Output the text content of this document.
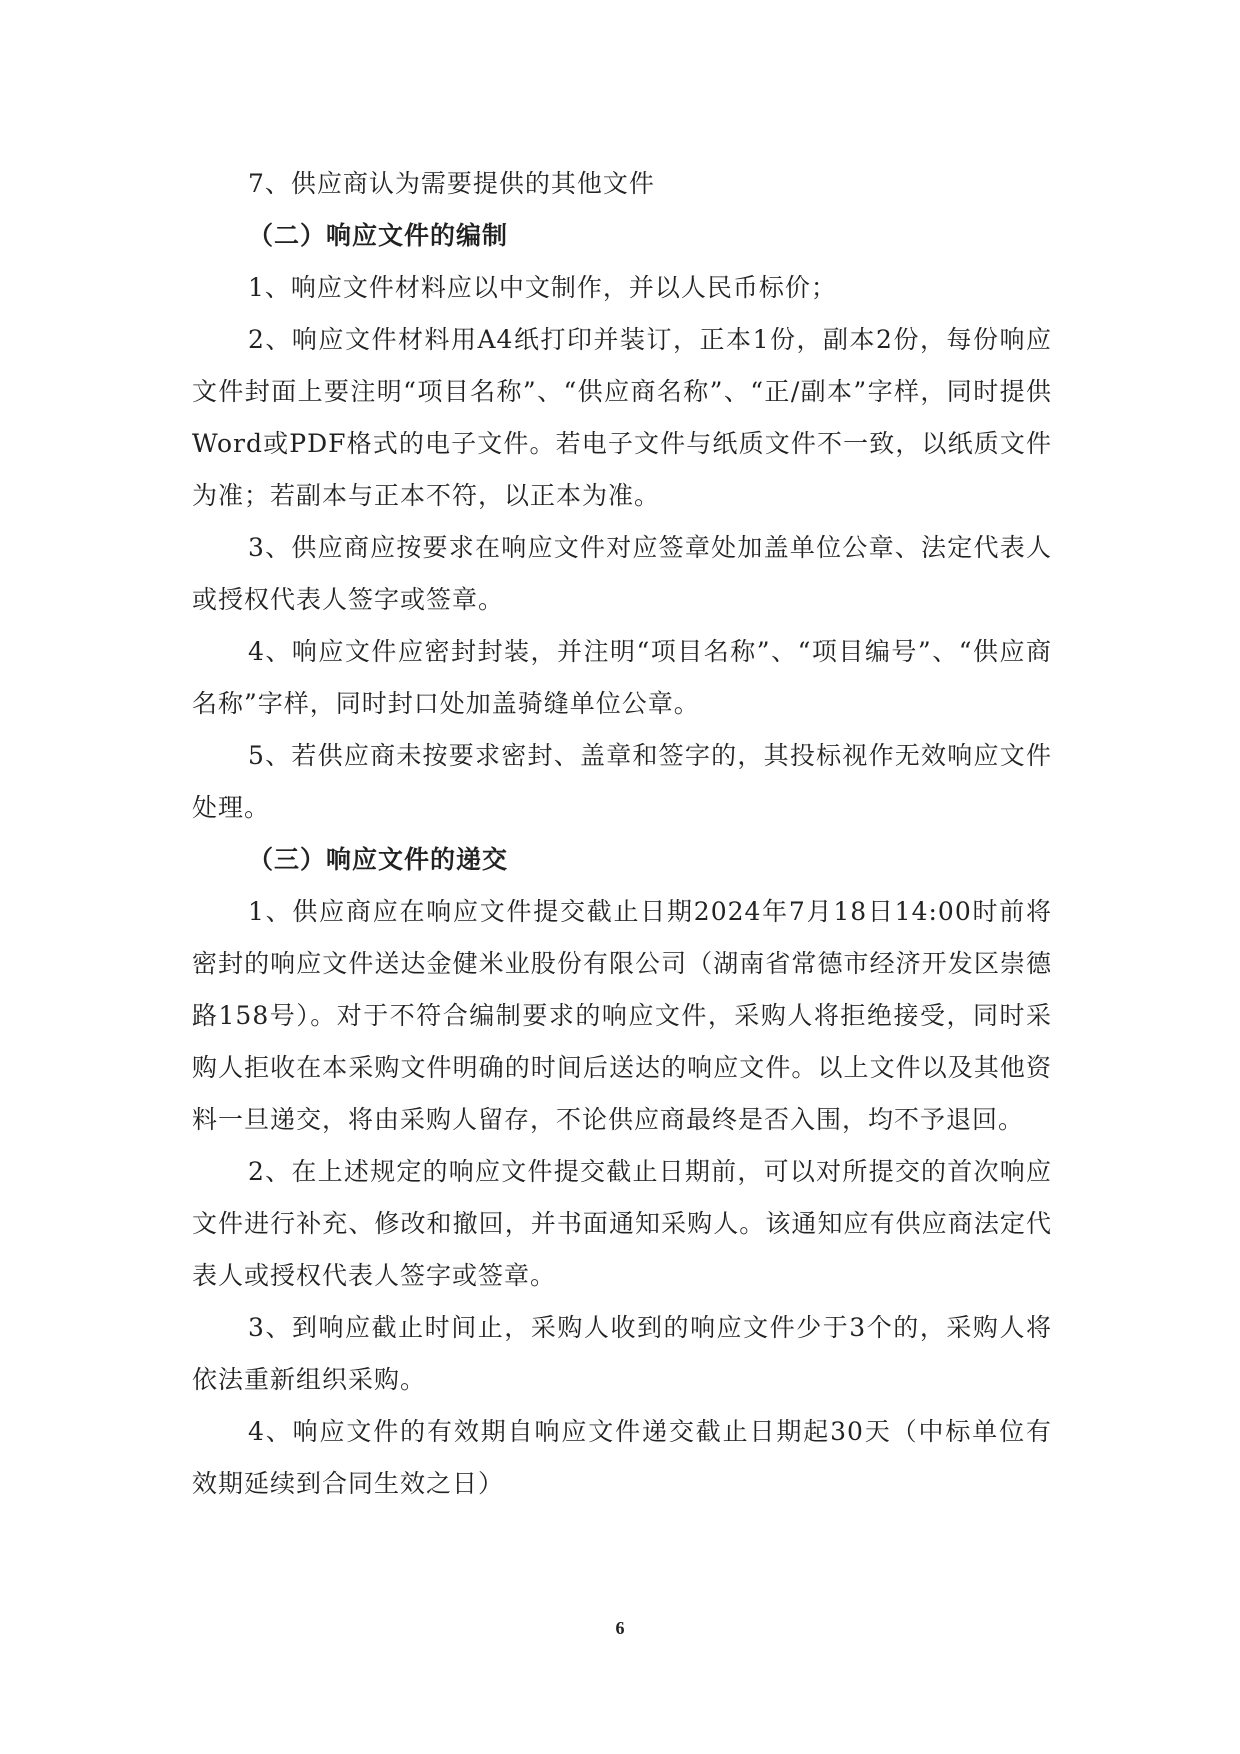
7、供应商认为需要提供的其他文件

（二）响应文件的编制

1、响应文件材料应以中文制作，并以人民币标价；

2、响应文件材料用A4纸打印并装订，正本1份，副本2份，每份响应文件封面上要注明“项目名称”、“供应商名称”、“正/副本”字样，同时提供Word或PDF格式的电子文件。若电子文件与纸质文件不一致，以纸质文件为准；若副本与正本不符，以正本为准。

3、供应商应按要求在响应文件对应签章处加盖单位公章、法定代表人或授权代表人签字或签章。

4、响应文件应密封封装，并注明“项目名称”、“项目编号”、“供应商名称”字样，同时封口处加盖骑缝单位公章。

5、若供应商未按要求密封、盖章和签字的，其投标视作无效响应文件处理。

（三）响应文件的递交

1、供应商应在响应文件提交截止日期2024年7月18日14:00时前将密封的响应文件送达金健米业股份有限公司（湖南省常德市经济开发区崇德路158号）。对于不符合编制要求的响应文件，采购人将拒绝接受，同时采购人拒收在本采购文件明确的时间后送达的响应文件。以上文件以及其他资料一旦递交，将由采购人留存，不论供应商最终是否入围，均不予退回。

2、在上述规定的响应文件提交截止日期前，可以对所提交的首次响应文件进行补充、修改和撤回，并书面通知采购人。该通知应有供应商法定代表人或授权代表人签字或签章。

3、到响应截止时间止，采购人收到的响应文件少于3个的，采购人将依法重新组织采购。

4、响应文件的有效期自响应文件递交截止日期起30天（中标单位有效期延续到合同生效之日）

6
